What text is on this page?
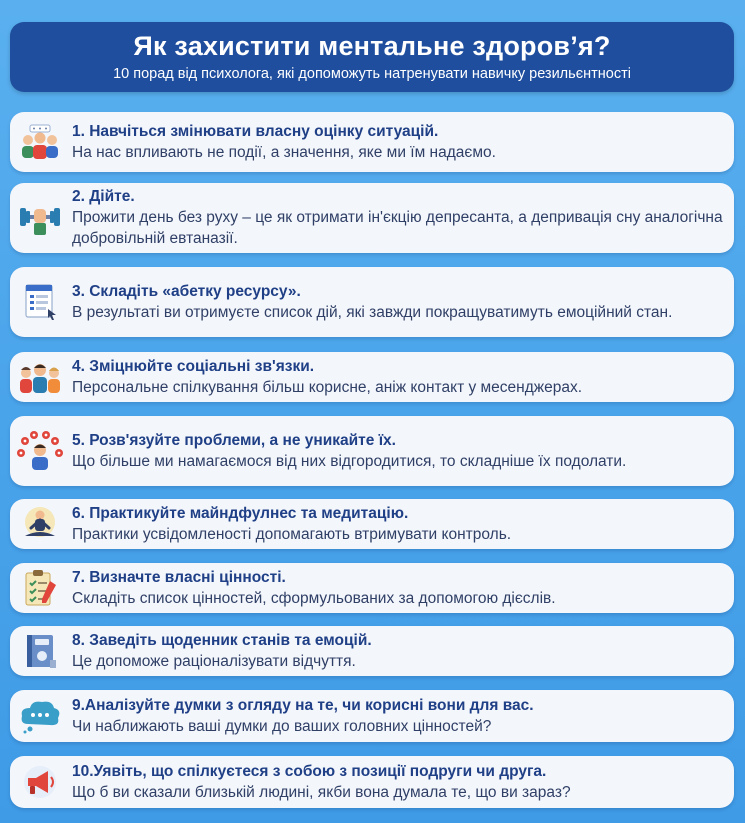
Як захистити ментальне здоров’я?
10 порад від психолога, які допоможуть натренувати навичку резильєнтності
1. Навчіться змінювати власну оцінку ситуацій.
На нас впливають не події, а значення, яке ми їм надаємо.
2. Дійте.
Прожити день без руху – це як отримати ін'єкцію депресанта, а депривація сну аналогічна добровільній евтаназії.
3. Складіть «абетку ресурсу».
В результаті ви отримуєте список дій, які завжди покращуватимуть емоційний стан.
4. Зміцнюйте соціальні зв'язки.
Персональне спілкування більш корисне, аніж контакт у месенджерах.
5. Розв'язуйте проблеми, а не уникайте їх.
Що більше ми намагаємося від них відгородитися, то складніше їх подолати.
6. Практикуйте майндфулнес та медитацію.
Практики усвідомленості допомагають втримувати контроль.
7. Визначте власні цінності.
Складіть список цінностей, сформульованих за допомогою дієслів.
8. Заведіть щоденник станів та емоцій.
Це допоможе раціоналізувати відчуття.
9.Аналізуйте думки з огляду на те, чи корисні вони для вас.
Чи наближають ваші думки до ваших головних цінностей?
10.Уявіть, що спілкуєтеся з собою з позиції подруги чи друга.
Що б ви сказали близькій людині, якби вона думала те, що ви зараз?
